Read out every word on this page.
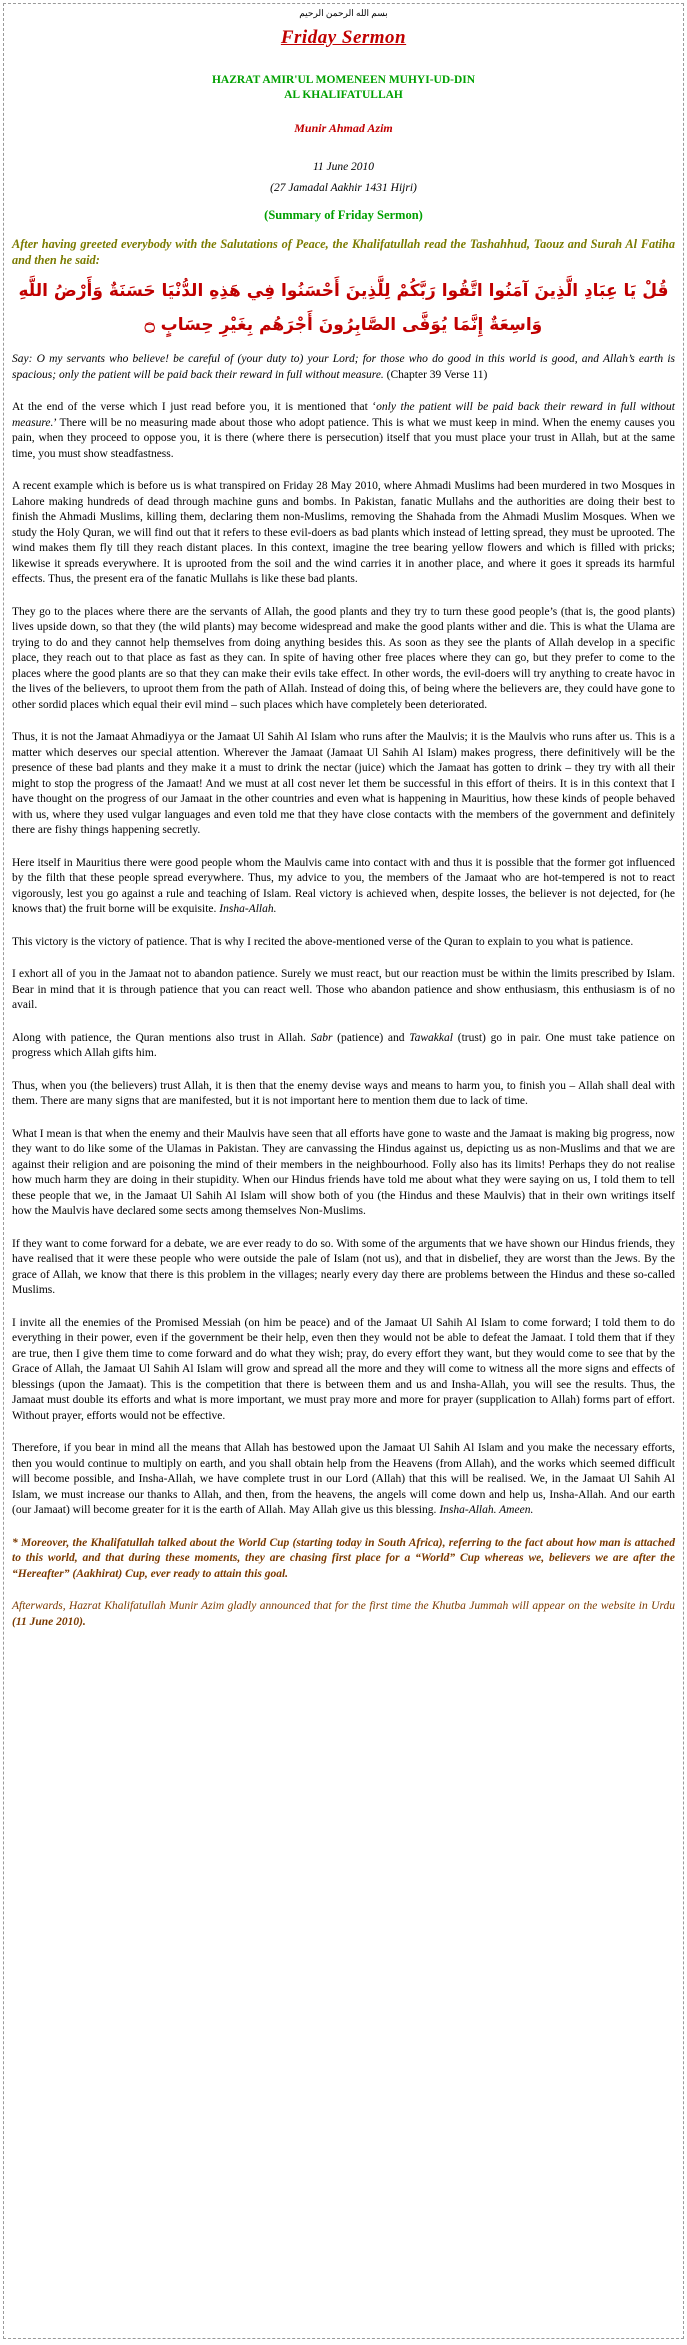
بسم الله الرحمن الرحيم
Friday Sermon
HAZRAT AMIR'UL MOMENEEN MUHYI-UD-DIN
AL KHALIFATULLAH
Munir Ahmad Azim
11 June 2010
(27 Jamadal Aakhir 1431 Hijri)
(Summary of Friday Sermon)
After having greeted everybody with the Salutations of Peace, the Khalifatullah read the Tashahhud, Taouz and Surah Al Fatiha and then he said:
قُلْ يَا عِبَادِ الَّذِينَ آمَنُوا اتَّقُوا رَبَّكُمْ لِلَّذِينَ أَحْسَنُوا فِي هَذِهِ الدُّنْيَا حَسَنَةٌ وَأَرْضُ اللَّهِ وَاسِعَةٌ إِنَّمَا يُوَفَّى الصَّابِرُونَ أَجْرَهُم بِغَيْرِ حِسَابٍ ۝

Say: O my servants who believe! be careful of (your duty to) your Lord; for those who do good in this world is good, and Allah’s earth is spacious; only the patient will be paid back their reward in full without measure. (Chapter 39 Verse 11)

At the end of the verse which I just read before you, it is mentioned that ‘only the patient will be paid back their reward in full without measure.’ There will be no measuring made about those who adopt patience. This is what we must keep in mind. When the enemy causes you pain, when they proceed to oppose you, it is there (where there is persecution) itself that you must place your trust in Allah, but at the same time, you must show steadfastness.

A recent example which is before us is what transpired on Friday 28 May 2010, where Ahmadi Muslims had been murdered in two Mosques in Lahore making hundreds of dead through machine guns and bombs. In Pakistan, fanatic Mullahs and the authorities are doing their best to finish the Ahmadi Muslims, killing them, declaring them non-Muslims, removing the Shahada from the Ahmadi Muslim Mosques. When we study the Holy Quran, we will find out that it refers to these evil-doers as bad plants which instead of letting spread, they must be uprooted. The wind makes them fly till they reach distant places. In this context, imagine the tree bearing yellow flowers and which is filled with pricks; likewise it spreads everywhere. It is uprooted from the soil and the wind carries it in another place, and where it goes it spreads its harmful effects. Thus, the present era of the fanatic Mullahs is like these bad plants.

They go to the places where there are the servants of Allah, the good plants and they try to turn these good people’s (that is, the good plants) lives upside down, so that they (the wild plants) may become widespread and make the good plants wither and die. This is what the Ulama are trying to do and they cannot help themselves from doing anything besides this. As soon as they see the plants of Allah develop in a specific place, they reach out to that place as fast as they can. In spite of having other free places where they can go, but they prefer to come to the places where the good plants are so that they can make their evils take effect. In other words, the evil-doers will try anything to create havoc in the lives of the believers, to uproot them from the path of Allah. Instead of doing this, of being where the believers are, they could have gone to other sordid places which equal their evil mind – such places which have completely been deteriorated.

Thus, it is not the Jamaat Ahmadiyya or the Jamaat Ul Sahih Al Islam who runs after the Maulvis; it is the Maulvis who runs after us. This is a matter which deserves our special attention. Wherever the Jamaat (Jamaat Ul Sahih Al Islam) makes progress, there definitively will be the presence of these bad plants and they make it a must to drink the nectar (juice) which the Jamaat has gotten to drink – they try with all their might to stop the progress of the Jamaat! And we must at all cost never let them be successful in this effort of theirs. It is in this context that I have thought on the progress of our Jamaat in the other countries and even what is happening in Mauritius, how these kinds of people behaved with us, where they used vulgar languages and even told me that they have close contacts with the members of the government and definitely there are fishy things happening secretly.

Here itself in Mauritius there were good people whom the Maulvis came into contact with and thus it is possible that the former got influenced by the filth that these people spread everywhere. Thus, my advice to you, the members of the Jamaat who are hot-tempered is not to react vigorously, lest you go against a rule and teaching of Islam. Real victory is achieved when, despite losses, the believer is not dejected, for (he knows that) the fruit borne will be exquisite. Insha-Allah.

This victory is the victory of patience. That is why I recited the above-mentioned verse of the Quran to explain to you what is patience.

I exhort all of you in the Jamaat not to abandon patience. Surely we must react, but our reaction must be within the limits prescribed by Islam. Bear in mind that it is through patience that you can react well. Those who abandon patience and show enthusiasm, this enthusiasm is of no avail.

Along with patience, the Quran mentions also trust in Allah. Sabr (patience) and Tawakkal (trust) go in pair. One must take patience on progress which Allah gifts him.

Thus, when you (the believers) trust Allah, it is then that the enemy devise ways and means to harm you, to finish you – Allah shall deal with them. There are many signs that are manifested, but it is not important here to mention them due to lack of time.

What I mean is that when the enemy and their Maulvis have seen that all efforts have gone to waste and the Jamaat is making big progress, now they want to do like some of the Ulamas in Pakistan. They are canvassing the Hindus against us, depicting us as non-Muslims and that we are against their religion and are poisoning the mind of their members in the neighbourhood. Folly also has its limits! Perhaps they do not realise how much harm they are doing in their stupidity. When our Hindus friends have told me about what they were saying on us, I told them to tell these people that we, in the Jamaat Ul Sahih Al Islam will show both of you (the Hindus and these Maulvis) that in their own writings itself how the Maulvis have declared some sects among themselves Non-Muslims.

If they want to come forward for a debate, we are ever ready to do so. With some of the arguments that we have shown our Hindus friends, they have realised that it were these people who were outside the pale of Islam (not us), and that in disbelief, they are worst than the Jews. By the grace of Allah, we know that there is this problem in the villages; nearly every day there are problems between the Hindus and these so-called Muslims.

I invite all the enemies of the Promised Messiah (on him be peace) and of the Jamaat Ul Sahih Al Islam to come forward; I told them to do everything in their power, even if the government be their help, even then they would not be able to defeat the Jamaat. I told them that if they are true, then I give them time to come forward and do what they wish; pray, do every effort they want, but they would come to see that by the Grace of Allah, the Jamaat Ul Sahih Al Islam will grow and spread all the more and they will come to witness all the more signs and effects of blessings (upon the Jamaat). This is the competition that there is between them and us and Insha-Allah, you will see the results. Thus, the Jamaat must double its efforts and what is more important, we must pray more and more for prayer (supplication to Allah) forms part of effort. Without prayer, efforts would not be effective.

Therefore, if you bear in mind all the means that Allah has bestowed upon the Jamaat Ul Sahih Al Islam and you make the necessary efforts, then you would continue to multiply on earth, and you shall obtain help from the Heavens (from Allah), and the works which seemed difficult will become possible, and Insha-Allah, we have complete trust in our Lord (Allah) that this will be realised. We, in the Jamaat Ul Sahih Al Islam, we must increase our thanks to Allah, and then, from the heavens, the angels will come down and help us, Insha-Allah. And our earth (our Jamaat) will become greater for it is the earth of Allah. May Allah give us this blessing. Insha-Allah. Ameen.

* Moreover, the Khalifatullah talked about the World Cup (starting today in South Africa), referring to the fact about how man is attached to this world, and that during these moments, they are chasing first place for a “World” Cup whereas we, believers we are after the “Hereafter” (Aakhirat) Cup, ever ready to attain this goal.

Afterwards, Hazrat Khalifatullah Munir Azim gladly announced that for the first time the Khutba Jummah will appear on the website in Urdu (11 June 2010).
